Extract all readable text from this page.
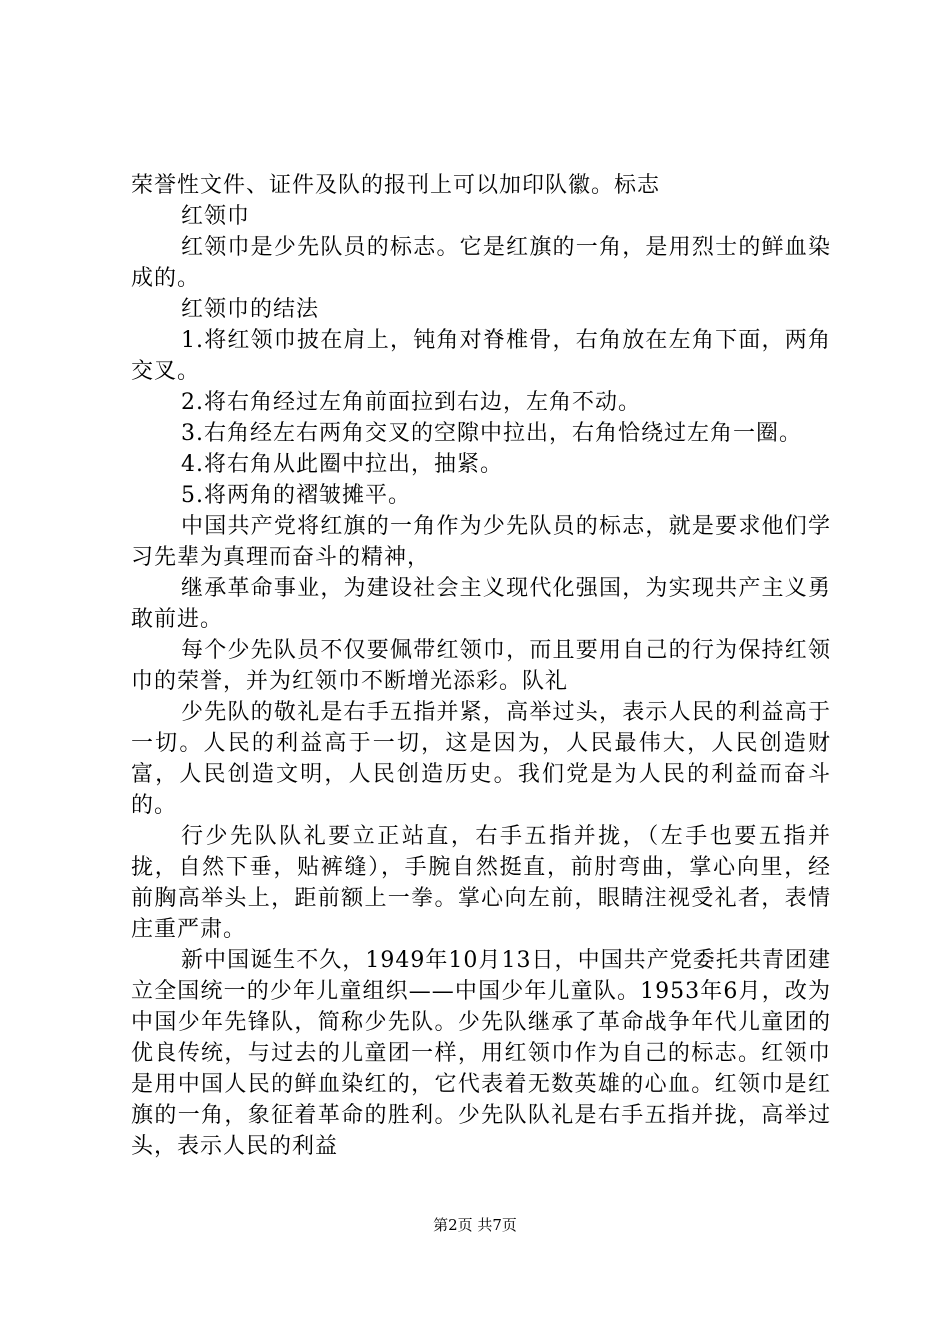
荣誉性文件、证件及队的报刊上可以加印队徽。标志

红领巾

红领巾是少先队员的标志。它是红旗的一角，是用烈士的鲜血染成的。

红领巾的结法

1.将红领巾披在肩上，钝角对脊椎骨，右角放在左角下面，两角交叉。

2.将右角经过左角前面拉到右边，左角不动。

3.右角经左右两角交叉的空隙中拉出，右角恰绕过左角一圈。

4.将右角从此圈中拉出，抽紧。

5.将两角的褶皱摊平。

中国共产党将红旗的一角作为少先队员的标志，就是要求他们学习先辈为真理而奋斗的精神，

继承革命事业，为建设社会主义现代化强国，为实现共产主义勇敢前进。

每个少先队员不仅要佩带红领巾，而且要用自己的行为保持红领巾的荣誉，并为红领巾不断增光添彩。队礼

少先队的敬礼是右手五指并紧，高举过头，表示人民的利益高于一切。人民的利益高于一切，这是因为，人民最伟大，人民创造财富，人民创造文明，人民创造历史。我们党是为人民的利益而奋斗的。

行少先队队礼要立正站直，右手五指并拢，（左手也要五指并拢，自然下垂，贴裤缝），手腕自然挺直，前肘弯曲，掌心向里，经前胸高举头上，距前额上一拳。掌心向左前，眼睛注视受礼者，表情庄重严肃。

新中国诞生不久，1949年10月13日，中国共产党委托共青团建立全国统一的少年儿童组织——中国少年儿童队。1953年6月，改为中国少年先锋队，简称少先队。少先队继承了革命战争年代儿童团的优良传统，与过去的儿童团一样，用红领巾作为自己的标志。红领巾是用中国人民的鲜血染红的，它代表着无数英雄的心血。红领巾是红旗的一角，象征着革命的胜利。少先队队礼是右手五指并拢，高举过头，表示人民的利益

第2页 共7页
